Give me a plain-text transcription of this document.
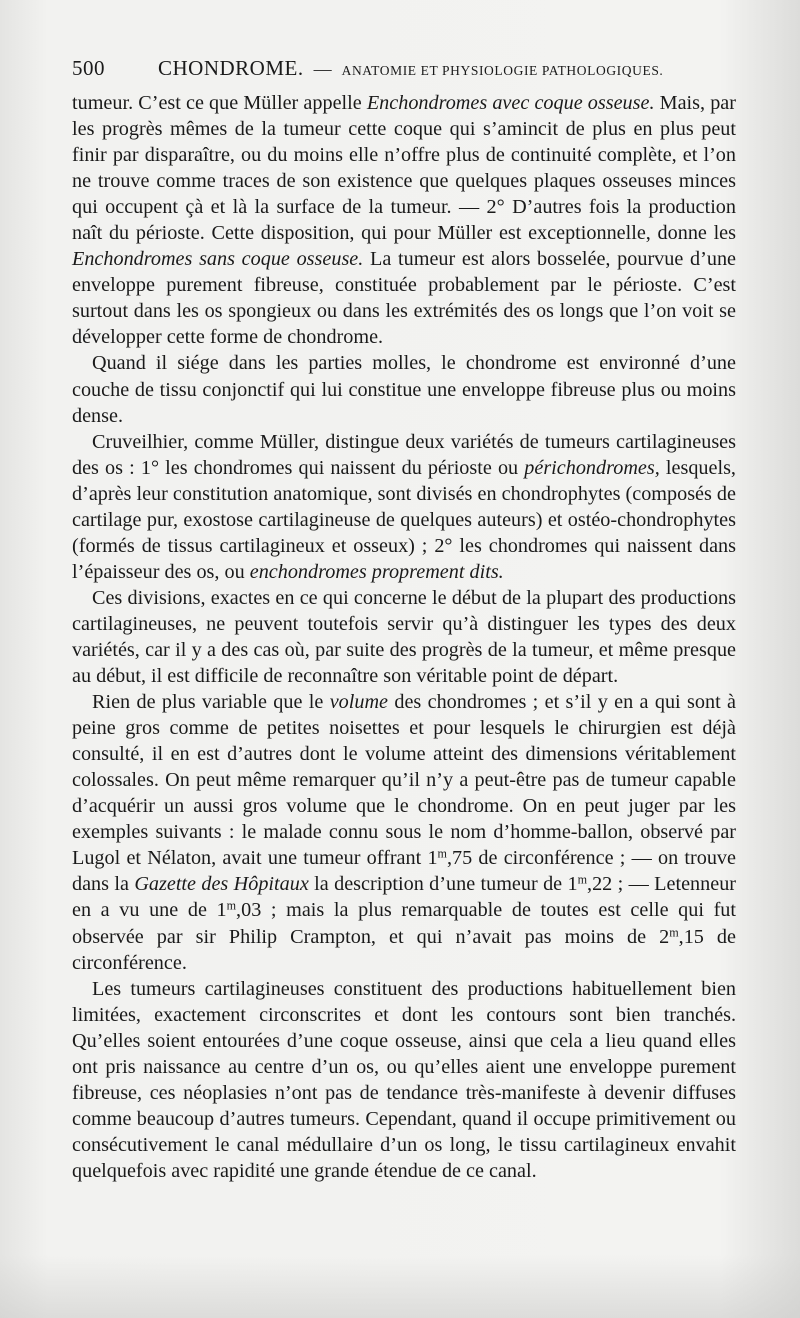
500	CHONDROME. — ANATOMIE ET PHYSIOLOGIE PATHOLOGIQUES.

tumeur. C’est ce que Müller appelle Enchondromes avec coque osseuse. Mais, par les progrès mêmes de la tumeur cette coque qui s’amincit de plus en plus peut finir par disparaître, ou du moins elle n’offre plus de continuité complète, et l’on ne trouve comme traces de son existence que quelques plaques osseuses minces qui occupent çà et là la surface de la tumeur. — 2° D’autres fois la production naît du périoste. Cette disposition, qui pour Müller est exceptionnelle, donne les Enchondromes sans coque osseuse. La tumeur est alors bosselée, pourvue d’une enveloppe purement fibreuse, constituée probablement par le périoste. C’est surtout dans les os spongieux ou dans les extrémités des os longs que l’on voit se développer cette forme de chondrome.

Quand il siége dans les parties molles, le chondrome est environné d’une couche de tissu conjonctif qui lui constitue une enveloppe fibreuse plus ou moins dense.

Cruveilhier, comme Müller, distingue deux variétés de tumeurs cartilagineuses des os : 1° les chondromes qui naissent du périoste ou périchondromes, lesquels, d’après leur constitution anatomique, sont divisés en chondrophytes (composés de cartilage pur, exostose cartilagineuse de quelques auteurs) et ostéo-chondrophytes (formés de tissus cartilagineux et osseux) ; 2° les chondromes qui naissent dans l’épaisseur des os, ou enchondromes proprement dits.

Ces divisions, exactes en ce qui concerne le début de la plupart des productions cartilagineuses, ne peuvent toutefois servir qu’à distinguer les types des deux variétés, car il y a des cas où, par suite des progrès de la tumeur, et même presque au début, il est difficile de reconnaître son véritable point de départ.

Rien de plus variable que le volume des chondromes ; et s’il y en a qui sont à peine gros comme de petites noisettes et pour lesquels le chirurgien est déjà consulté, il en est d’autres dont le volume atteint des dimensions véritablement colossales. On peut même remarquer qu’il n’y a peut-être pas de tumeur capable d’acquérir un aussi gros volume que le chondrome. On en peut juger par les exemples suivants : le malade connu sous le nom d’homme-ballon, observé par Lugol et Nélaton, avait une tumeur offrant 1$^m$,75 de circonférence ; — on trouve dans la Gazette des Hôpitaux la description d’une tumeur de 1$^m$,22 ; — Letenneur en a vu une de 1$^m$,03 ; mais la plus remarquable de toutes est celle qui fut observée par sir Philip Crampton, et qui n’avait pas moins de 2$^m$,15 de circonférence.

Les tumeurs cartilagineuses constituent des productions habituellement bien limitées, exactement circonscrites et dont les contours sont bien tranchés. Qu’elles soient entourées d’une coque osseuse, ainsi que cela a lieu quand elles ont pris naissance au centre d’un os, ou qu’elles aient une enveloppe purement fibreuse, ces néoplasies n’ont pas de tendance très-manifeste à devenir diffuses comme beaucoup d’autres tumeurs. Cependant, quand il occupe primitivement ou consécutivement le canal médullaire d’un os long, le tissu cartilagineux envahit quelquefois avec rapidité une grande étendue de ce canal.
